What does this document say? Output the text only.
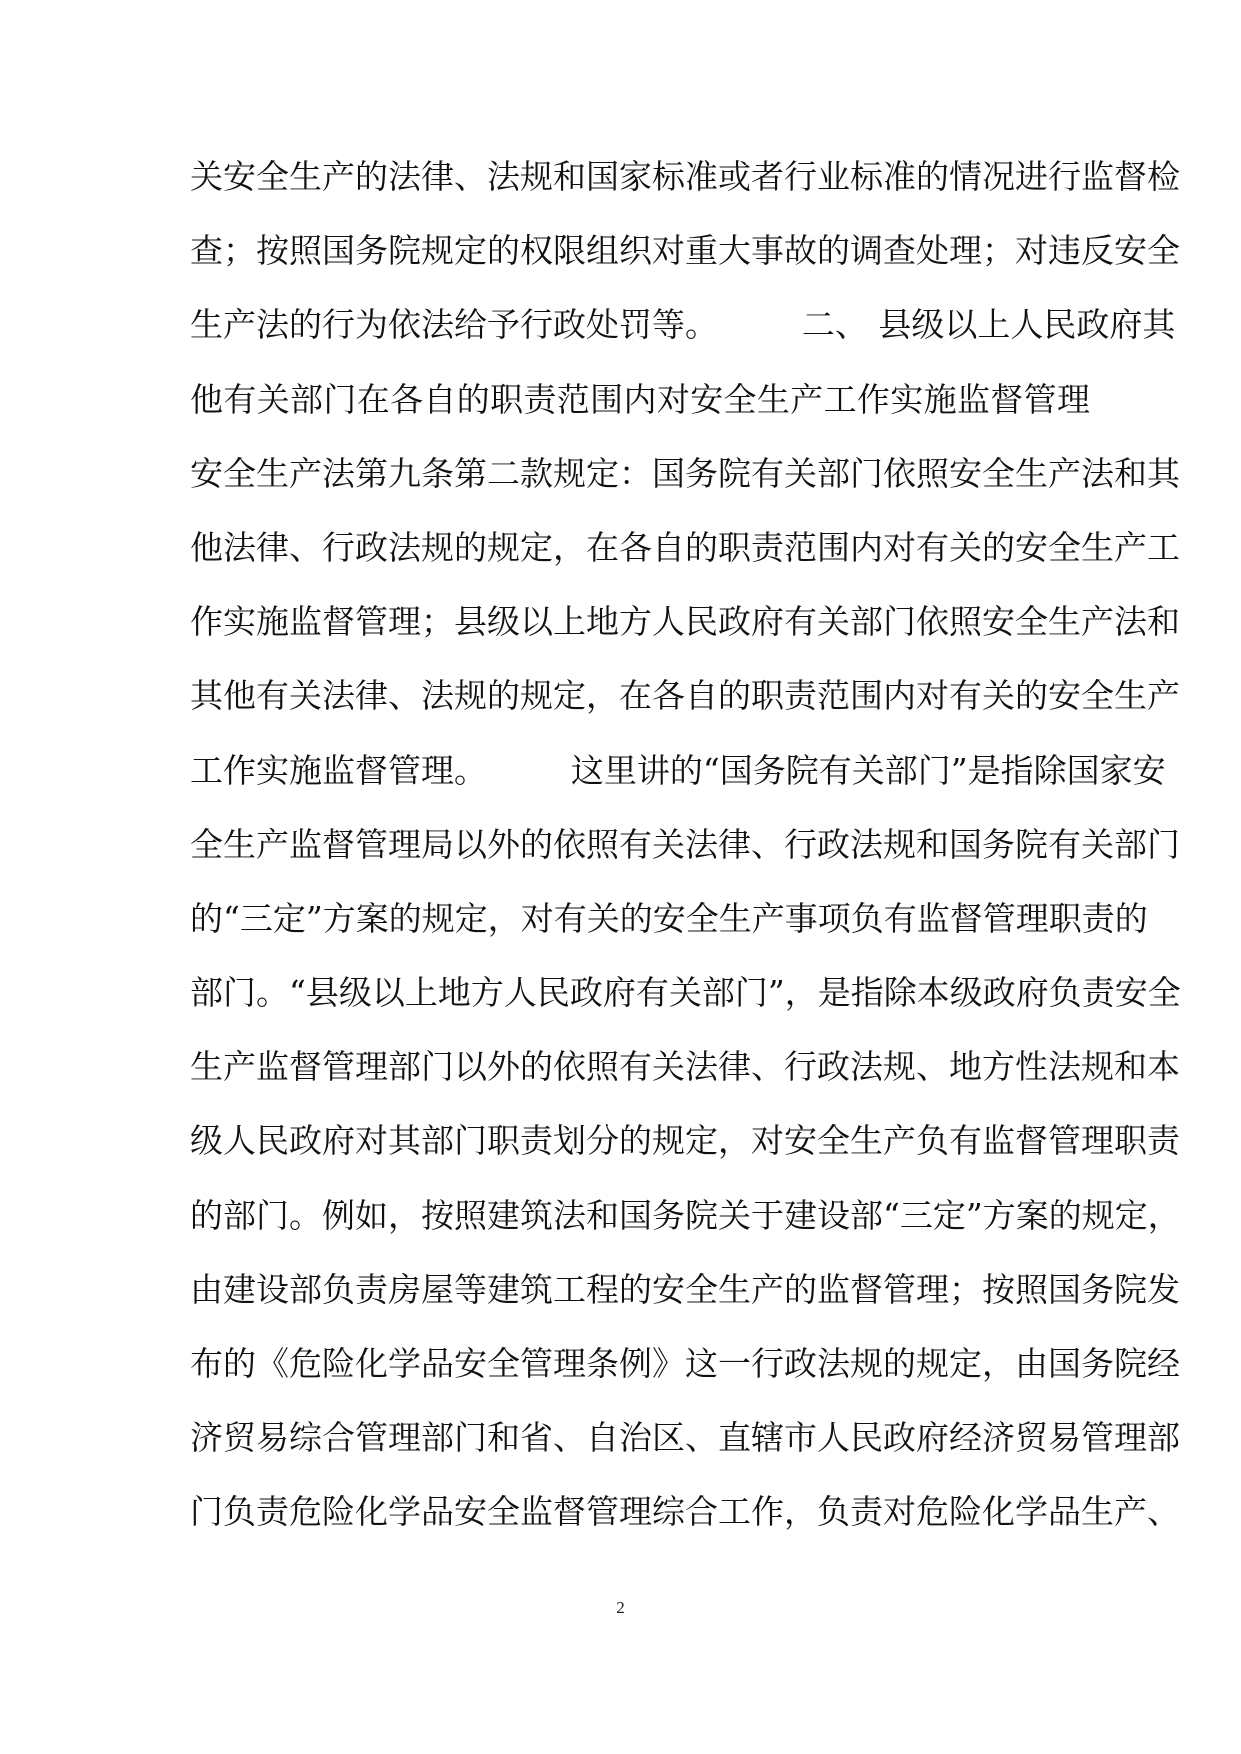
关安全生产的法律、法规和国家标准或者行业标准的情况进行监督检
查；按照国务院规定的权限组织对重大事故的调查处理；对违反安全
生产法的行为依法给予行政处罚等。        二、 县级以上人民政府其
他有关部门在各自的职责范围内对安全生产工作实施监督管理
安全生产法第九条第二款规定：国务院有关部门依照安全生产法和其
他法律、行政法规的规定，在各自的职责范围内对有关的安全生产工
作实施监督管理；县级以上地方人民政府有关部门依照安全生产法和
其他有关法律、法规的规定，在各自的职责范围内对有关的安全生产
工作实施监督管理。        这里讲的“国务院有关部门”是指除国家安
全生产监督管理局以外的依照有关法律、行政法规和国务院有关部门
的“三定”方案的规定，对有关的安全生产事项负有监督管理职责的
部门。“县级以上地方人民政府有关部门”，是指除本级政府负责安全
生产监督管理部门以外的依照有关法律、行政法规、地方性法规和本
级人民政府对其部门职责划分的规定，对安全生产负有监督管理职责
的部门。例如，按照建筑法和国务院关于建设部“三定”方案的规定，
由建设部负责房屋等建筑工程的安全生产的监督管理；按照国务院发
布的《危险化学品安全管理条例》这一行政法规的规定，由国务院经
济贸易综合管理部门和省、自治区、直辖市人民政府经济贸易管理部
门负责危险化学品安全监督管理综合工作，负责对危险化学品生产、
2
